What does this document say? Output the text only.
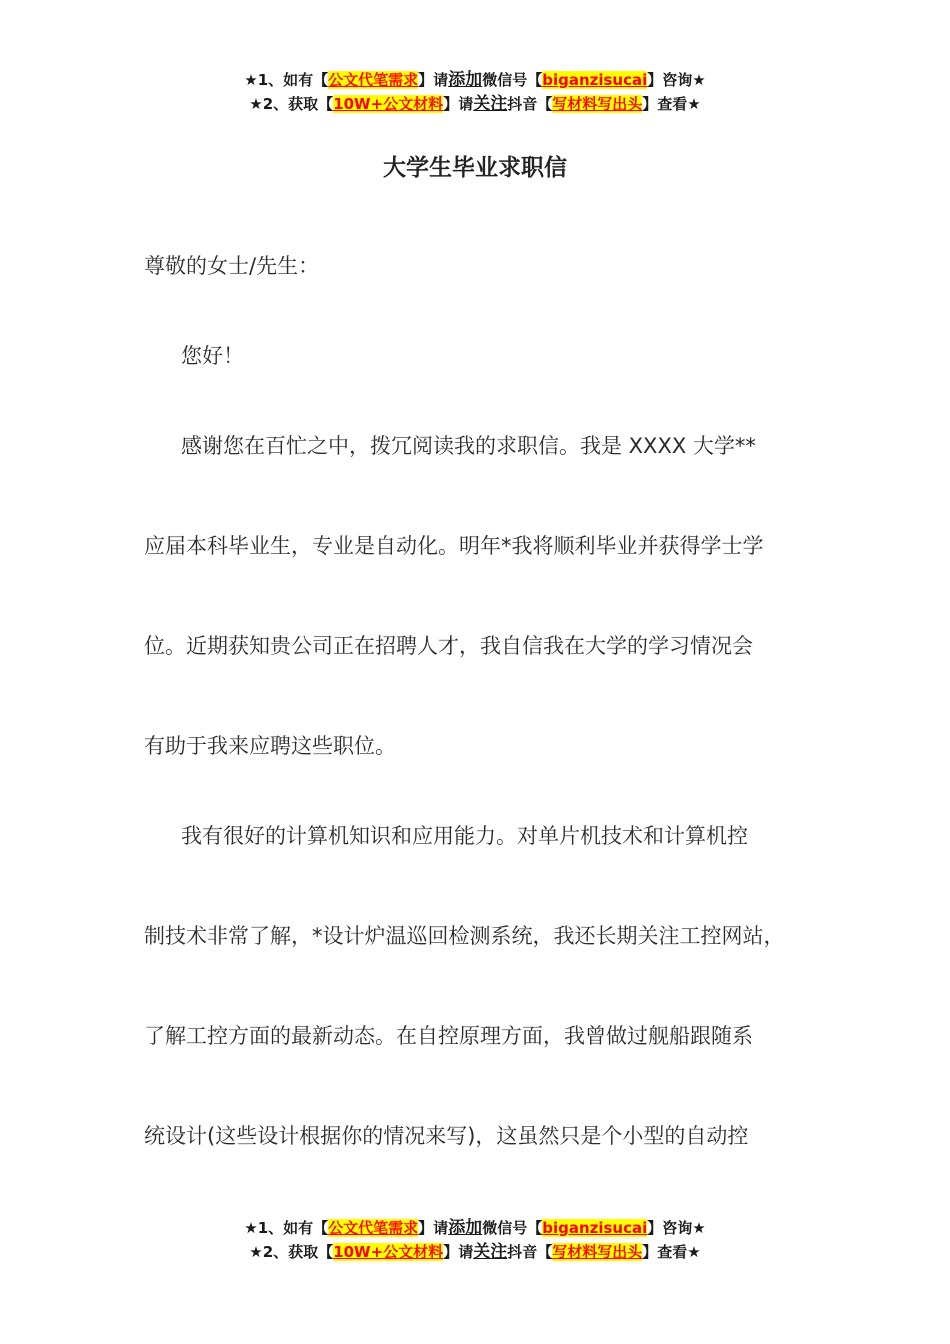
★1、如有【公文代笔需求】请添加微信号【biganzisucai】咨询★
★2、获取【10W+公文材料】请关注抖音【写材料写出头】查看★
大学生毕业求职信
尊敬的女士/先生：
您好！
感谢您在百忙之中，拨冗阅读我的求职信。我是 XXXX 大学**
应届本科毕业生，专业是自动化。明年*我将顺利毕业并获得学士学
位。近期获知贵公司正在招聘人才，我自信我在大学的学习情况会
有助于我来应聘这些职位。
我有很好的计算机知识和应用能力。对单片机技术和计算机控
制技术非常了解，*设计炉温巡回检测系统，我还长期关注工控网站，
了解工控方面的最新动态。在自控原理方面，我曾做过舰船跟随系
统设计(这些设计根据你的情况来写)，这虽然只是个小型的自动控
★1、如有【公文代笔需求】请添加微信号【biganzisucai】咨询★
★2、获取【10W+公文材料】请关注抖音【写材料写出头】查看★
